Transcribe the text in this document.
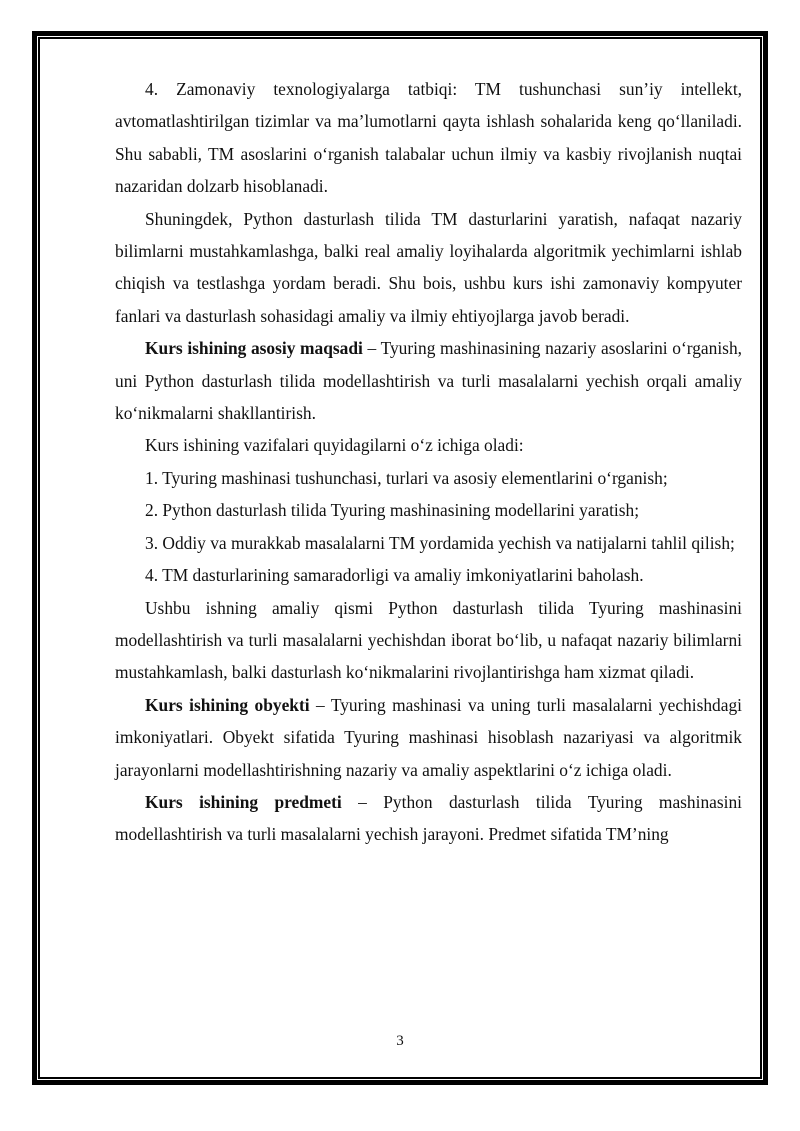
4. Zamonaviy texnologiyalarga tatbiqi: TM tushunchasi sun’iy intellekt, avtomatlashtirilgan tizimlar va ma’lumotlarni qayta ishlash sohalarida keng qo‘llaniladi. Shu sababli, TM asoslarini o‘rganish talabalar uchun ilmiy va kasbiy rivojlanish nuqtai nazaridan dolzarb hisoblanadi.

Shuningdek, Python dasturlash tilida TM dasturlarini yaratish, nafaqat nazariy bilimlarni mustahkamlashga, balki real amaliy loyihalarda algoritmik yechimlarni ishlab chiqish va testlashga yordam beradi. Shu bois, ushbu kurs ishi zamonaviy kompyuter fanlari va dasturlash sohasidagi amaliy va ilmiy ehtiyojlarga javob beradi.

Kurs ishining asosiy maqsadi – Tyuring mashinasining nazariy asoslarini o‘rganish, uni Python dasturlash tilida modellashtirish va turli masalalarni yechish orqali amaliy ko‘nikmalarni shakllantirish.

Kurs ishining vazifalari quyidagilarni o‘z ichiga oladi:

1. Tyuring mashinasi tushunchasi, turlari va asosiy elementlarini o‘rganish;

2. Python dasturlash tilida Tyuring mashinasining modellarini yaratish;

3. Oddiy va murakkab masalalarni TM yordamida yechish va natijalarni tahlil qilish;

4. TM dasturlarining samaradorligi va amaliy imkoniyatlarini baholash.

Ushbu ishning amaliy qismi Python dasturlash tilida Tyuring mashinasini modellashtirish va turli masalalarni yechishdan iborat bo‘lib, u nafaqat nazariy bilimlarni mustahkamlash, balki dasturlash ko‘nikmalarini rivojlantirishga ham xizmat qiladi.

Kurs ishining obyekti – Tyuring mashinasi va uning turli masalalarni yechishdagi imkoniyatlari. Obyekt sifatida Tyuring mashinasi hisoblash nazariyasi va algoritmik jarayonlarni modellashtirishning nazariy va amaliy aspektlarini o‘z ichiga oladi.

Kurs ishining predmeti – Python dasturlash tilida Tyuring mashinasini modellashtirish va turli masalalarni yechish jarayoni. Predmet sifatida TM’ning

3
